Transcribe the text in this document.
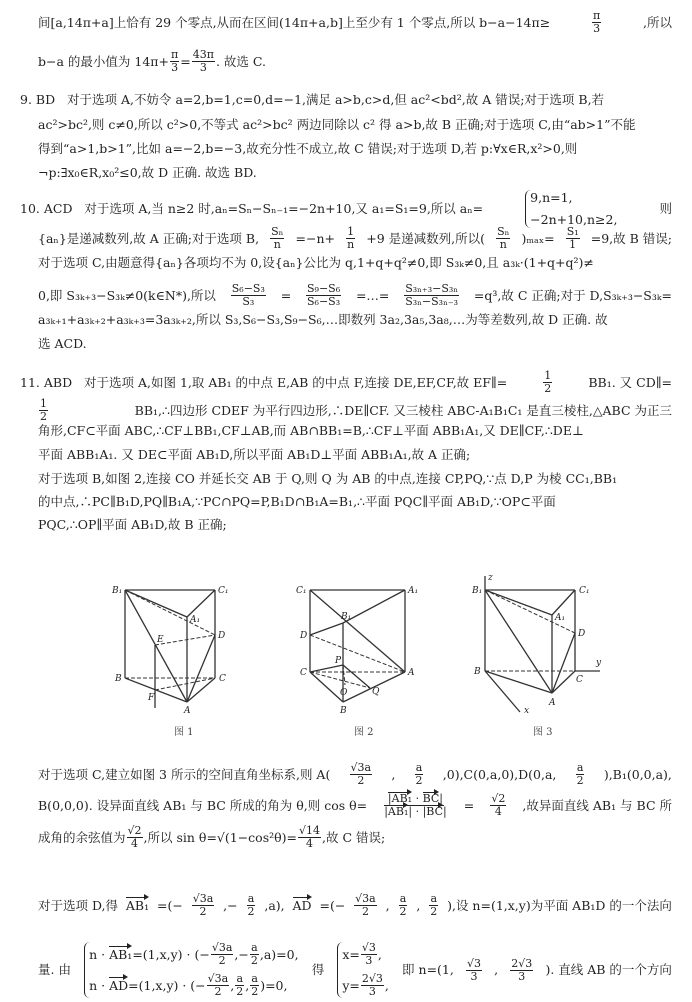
间[a,14π+a]上恰有 29 个零点,从而在区间(14π+a,b]上至少有 1 个零点,所以 b−a−14π≥	$\frac{\pi}{3}$	,所以
b−a 的最小值为 $14\pi+ \frac{\pi}{3} = \frac{43\pi}{3}$ . 故选 C.
9. BD   对于选项 A,不妨令 a=2,b=1,c=0,d=−1,满足 a>b,c>d,但 ac²<bd²,故 A 错误;对于选项 B,若
ac²>bc²,则 c≠0,所以 c²>0,不等式 ac²>bc² 两边同除以 c² 得 a>b,故 B 正确;对于选项 C,由“ab>1”不能
得到“a>1,b>1”,比如 a=−2,b=−3,故充分性不成立,故 C 错误;对于选项 D,若 p:∀x∈R,x²>0,则
¬p:∃x₀∈R,x₀²≤0,故 D 正确. 故选 BD.
10. ACD   对于选项 A,当 n≥2 时,aₙ=Sₙ−Sₙ₋₁=−2n+10,又 a₁=S₁=9,所以 aₙ=
9,n=1,
−2n+10,n≥2,
则
{aₙ}是递减数列,故 A 正确;对于选项 B, $\frac{\text{Sₙ}}{n} =-n+ \frac{1}{n} +9$ 是递减数列,所以( $\frac{\text{Sₙ}}{n} )_{max}= \frac{\text{S₁}}{1} =9$,故 B 错误;
对于选项 C,由题意得{aₙ}各项均不为 0,设{aₙ}公比为 q,1+q+q²≠0,即 S₃ₖ≠0,且 a₃ₖ·(1+q+q²)≠
0,即 S₃ₖ₊₃−S₃ₖ≠0(k∈N*),所以 $\frac{\text{S₆−S₃}}{\text{S₃}} = \frac{\text{S₉−S₆}}{\text{S₆−S₃}}$ =…= $\frac{\text{S₃ₙ₊₃−S₃ₙ}}{\text{S₃ₙ−S₃ₙ₋₃}} =q^3$,故 C 正确;对于 D,S₃ₖ₊₃−S₃ₖ=
a₃ₖ₊₁+a₃ₖ₊₂+a₃ₖ₊₃=3a₃ₖ₊₂,所以 S₃,S₆−S₃,S₉−S₆,…即数列 3a₂,3a₅,3a₈,…为等差数列,故 D 正确. 故
选 ACD.
11. ABD   对于选项 A,如图 1,取 AB₁ 的中点 E,AB 的中点 F,连接 DE,EF,CF,故 EF∥=	$\frac{1}{2}$	BB₁. 又 CD∥=
$\frac{1}{2}$	BB₁,∴四边形 CDEF 为平行四边形,∴DE∥CF. 又三棱柱 ABC-A₁B₁C₁ 是直三棱柱,△ABC 为正三
角形,CF⊂平面 ABC,∴CF⊥BB₁,CF⊥AB,而 AB∩BB₁=B,∴CF⊥平面 ABB₁A₁,又 DE∥CF,∴DE⊥
平面 ABB₁A₁. 又 DE⊂平面 AB₁D,所以平面 AB₁D⊥平面 ABB₁A₁,故 A 正确;
对于选项 B,如图 2,连接 CO 并延长交 AB 于 Q,则 Q 为 AB 的中点,连接 CP,PQ,∵点 D,P 为棱 CC₁,BB₁
的中点,∴PC∥B₁D,PQ∥B₁A,∵PC∩PQ=P,B₁D∩B₁A=B₁,∴平面 PQC∥平面 AB₁D,∵OP⊂平面
PQC,∴OP∥平面 AB₁D,故 B 正确;
对于选项 C,建立如图 3 所示的空间直角坐标系,则 $A( \frac{√3a}{2}$ , $\frac{a}{2} ,0),C(0,a,0),D(0,a$, $\frac{a}{2} ),B_1(0,0,a)$,
B(0,0,0). 设异面直线 AB₁ 与 BC 所成的角为 θ,则 $\cos \theta= \frac{\text{|AB₁ · BC|}}{\text{|AB₁| · |BC|}} = \frac{√2}{4}$ ,故异面直线 AB₁ 与 BC 所
成角的余弦值为 $\frac{√2}{4}$ ,所以 $\sin \theta=√(1-\cos^2\theta)= \frac{√14}{4}$ ,故 C 错误;
对于选项 D,得 AB₁ =(− $\frac{√3a}{2}$ ,− $\frac{a}{2} ,a$), AD =(− $\frac{√3a}{2}$ , $\frac{a}{2}$ , $\frac{a}{2}$ ),设 n=(1,x,y)为平面 AB₁D 的一个法向
量. 由
n · AB₁ =(1,x,y) · (− $\frac{√3a}{2}$ ,− $\frac{a}{2} ,a)=0$,
n · AD =(1,x,y) · (− $\frac{√3a}{2}$ , $\frac{a}{2}$ , $\frac{a}{2} )=0$,
得
$x= \frac{√3}{3}$ ,
$y= \frac{2√3}{3}$ ,
即 n=(1, $\frac{√3}{3}$ , $\frac{2√3}{3}$ ). 直线 AB 的一个方向
B₁	C₁
A₁
D
E
B	C
F
A
图 1
C₁	A₁
B₁
D
P
C	A
O	Q
B
图 2
z
B₁	C₁
A₁
D
y
B
C
A
x
图 3
